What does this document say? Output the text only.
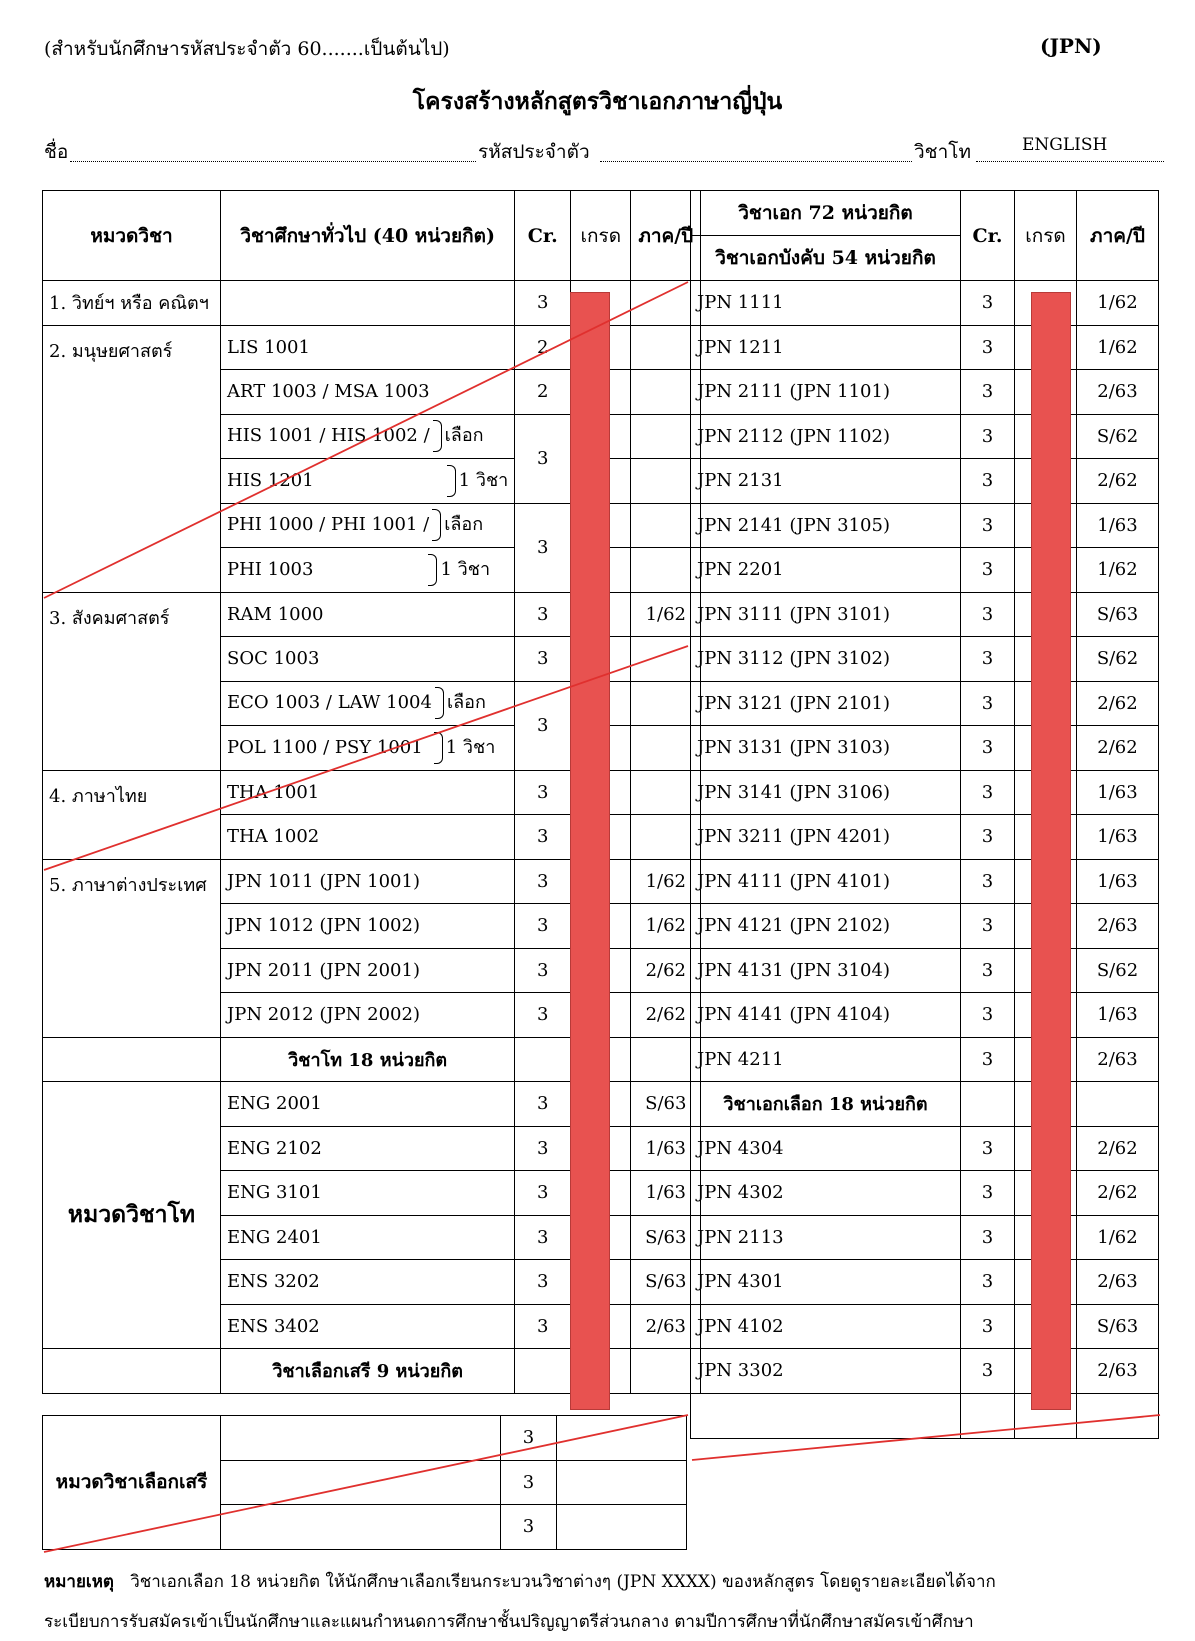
(สำหรับนักศึกษารหัสประจำตัว 60.......เป็นต้นไป)	(JPN)
โครงสร้างหลักสูตรวิชาเอกภาษาญี่ปุ่น
ชื่อ	รหัสประจำตัว	วิชาโท	ENGLISH
หมวดวิชา	วิชาศึกษาทั่วไป (40 หน่วยกิต)	Cr.	เกรด	ภาค/ปี
1. วิทย์ฯ หรือ คณิตฯ		3		
2. มนุษยศาสตร์	LIS 1001	2		
	ART 1003 / MSA 1003	2		
	HIS 1001 / HIS 1002 / เลือก	3		
	HIS 1201 1 วิชา			
	PHI 1000 / PHI 1001 / เลือก	3		
	PHI 1003 1 วิชา			
3. สังคมศาสตร์	RAM 1000	3		1/62
	SOC 1003	3		
	ECO 1003 / LAW 1004 เลือก	3		
	POL 1100 / PSY 1001 1 วิชา			
4. ภาษาไทย	THA 1001	3		
	THA 1002	3		
5. ภาษาต่างประเทศ	JPN 1011 (JPN 1001)	3		1/62
	JPN 1012 (JPN 1002)	3		1/62
	JPN 2011 (JPN 2001)	3		2/62
	JPN 2012 (JPN 2002)	3		2/62
	วิชาโท 18 หน่วยกิต			
หมวดวิชาโท	ENG 2001	3		S/63
	ENG 2102	3		1/63
	ENG 3101	3		1/63
	ENG 2401	3		S/63
	ENS 3202	3		S/63
	ENS 3402	3		2/63
	วิชาเลือกเสรี 9 หน่วยกิต			
หมวดวิชาเลือกเสรี		3	
		3	
		3	
วิชาเอก 72 หน่วยกิต	Cr.	เกรด	ภาค/ปี
วิชาเอกบังคับ 54 หน่วยกิต			
JPN 1111	3		1/62
JPN 1211	3		1/62
JPN 2111 (JPN 1101)	3		2/63
JPN 2112 (JPN 1102)	3		S/62
JPN 2131	3		2/62
JPN 2141 (JPN 3105)	3		1/63
JPN 2201	3		1/62
JPN 3111 (JPN 3101)	3		S/63
JPN 3112 (JPN 3102)	3		S/62
JPN 3121 (JPN 2101)	3		2/62
JPN 3131 (JPN 3103)	3		2/62
JPN 3141 (JPN 3106)	3		1/63
JPN 3211 (JPN 4201)	3		1/63
JPN 4111 (JPN 4101)	3		1/63
JPN 4121 (JPN 2102)	3		2/63
JPN 4131 (JPN 3104)	3		S/62
JPN 4141 (JPN 4104)	3		1/63
JPN 4211	3		2/63
วิชาเอกเลือก 18 หน่วยกิต			
JPN 4304	3		2/62
JPN 4302	3		2/62
JPN 2113	3		1/62
JPN 4301	3		2/63
JPN 4102	3		S/63
JPN 3302	3		2/63

หมายเหตุ วิชาเอกเลือก 18 หน่วยกิต ให้นักศึกษาเลือกเรียนกระบวนวิชาต่างๆ (JPN XXXX) ของหลักสูตร โดยดูรายละเอียดได้จาก
ระเบียบการรับสมัครเข้าเป็นนักศึกษาและแผนกำหนดการศึกษาชั้นปริญญาตรีส่วนกลาง ตามปีการศึกษาที่นักศึกษาสมัครเข้าศึกษา
